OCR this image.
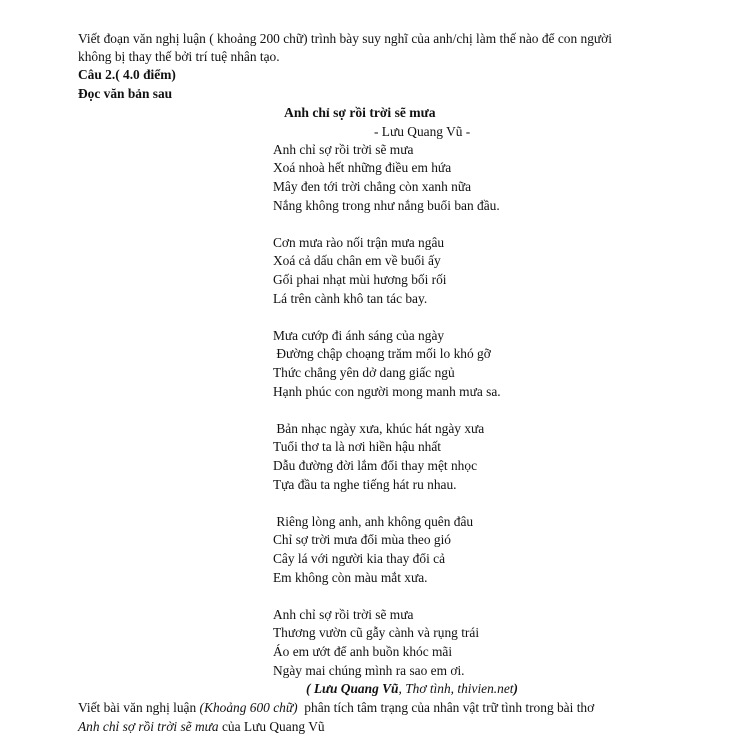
Viết đoạn văn nghị luận ( khoảng 200 chữ) trình bày suy nghĩ của anh/chị làm thế nào để con người
không bị thay thế bởi trí tuệ nhân tạo.
Câu 2.( 4.0 điểm)
Đọc văn bản sau
Anh chỉ sợ rồi trời sẽ mưa
- Lưu Quang Vũ -
Anh chỉ sợ rồi trời sẽ mưa
Xoá nhoà hết những điều em hứa
Mây đen tới trời chẳng còn xanh nữa
Nắng không trong như nắng buổi ban đầu.
Cơn mưa rào nối trận mưa ngâu
Xoá cả dấu chân em về buổi ấy
Gối phai nhạt mùi hương bối rối
Lá trên cành khô tan tác bay.
Mưa cướp đi ánh sáng của ngày
Đường chập choạng trăm mối lo khó gỡ
Thức chẳng yên dở dang giấc ngủ
Hạnh phúc con người mong manh mưa sa.
Bản nhạc ngày xưa, khúc hát ngày xưa
Tuổi thơ ta là nơi hiền hậu nhất
Dẫu đường đời lắm đổi thay mệt nhọc
Tựa đầu ta nghe tiếng hát ru nhau.
Riêng lòng anh, anh không quên đâu
Chỉ sợ trời mưa đổi mùa theo gió
Cây lá với người kia thay đổi cả
Em không còn màu mắt xưa.
Anh chỉ sợ rồi trời sẽ mưa
Thương vườn cũ gẫy cành và rụng trái
Áo em ướt để anh buồn khóc mãi
Ngày mai chúng mình ra sao em ơi.
( Lưu Quang Vũ, Thơ tình, thivien.net)
Viết bài văn nghị luận (Khoảng 600 chữ)  phân tích tâm trạng của nhân vật trữ tình trong bài thơ
Anh chỉ sợ rồi trời sẽ mưa của Lưu Quang Vũ
